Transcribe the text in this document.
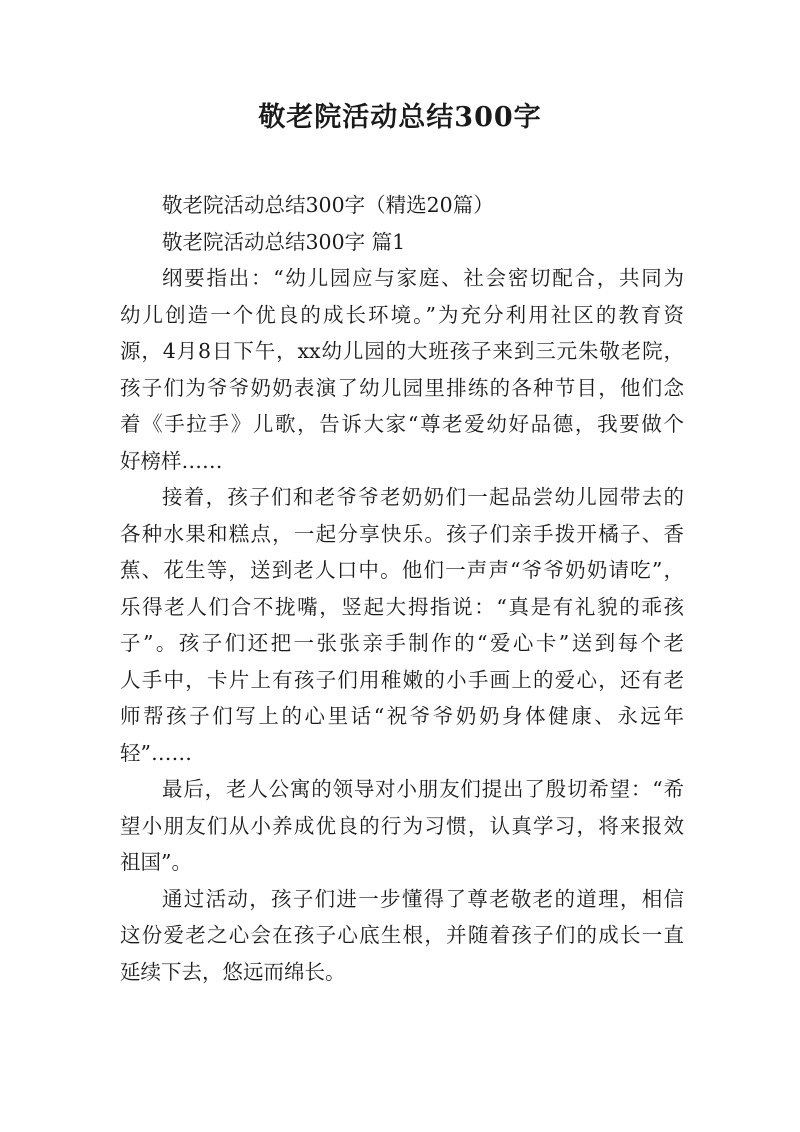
敬老院活动总结300字
敬老院活动总结300字（精选20篇）
敬老院活动总结300字 篇1
纲要指出：“幼儿园应与家庭、社会密切配合，共同为
幼儿创造一个优良的成长环境。”为充分利用社区的教育资
源，4月8日下午，xx幼儿园的大班孩子来到三元朱敬老院，
孩子们为爷爷奶奶表演了幼儿园里排练的各种节目，他们念
着《手拉手》儿歌，告诉大家“尊老爱幼好品德，我要做个
好榜样……
接着，孩子们和老爷爷老奶奶们一起品尝幼儿园带去的
各种水果和糕点，一起分享快乐。孩子们亲手拨开橘子、香
蕉、花生等，送到老人口中。他们一声声“爷爷奶奶请吃”，
乐得老人们合不拢嘴，竖起大拇指说：“真是有礼貌的乖孩
子”。孩子们还把一张张亲手制作的“爱心卡”送到每个老
人手中，卡片上有孩子们用稚嫩的小手画上的爱心，还有老
师帮孩子们写上的心里话“祝爷爷奶奶身体健康、永远年
轻”……
最后，老人公寓的领导对小朋友们提出了殷切希望：“希
望小朋友们从小养成优良的行为习惯，认真学习，将来报效
祖国”。
通过活动，孩子们进一步懂得了尊老敬老的道理，相信
这份爱老之心会在孩子心底生根，并随着孩子们的成长一直
延续下去，悠远而绵长。
